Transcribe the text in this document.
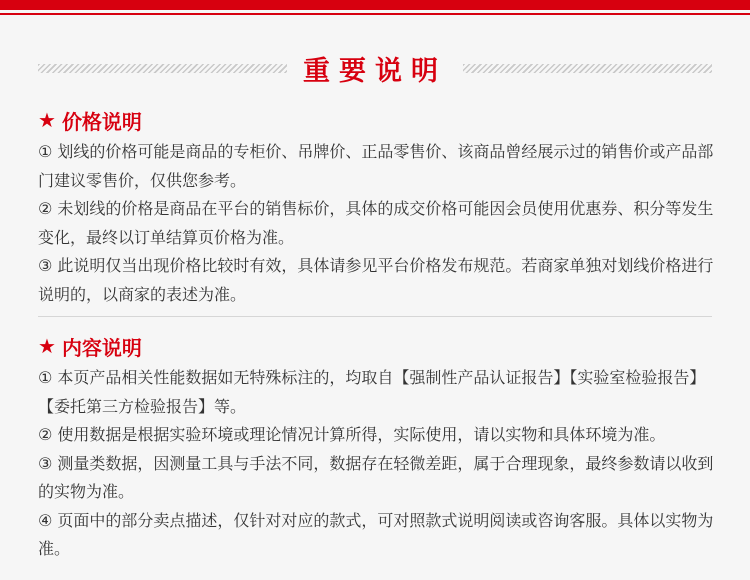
重要说明
★ 价格说明

① 划线的价格可能是商品的专柜价、吊牌价、正品零售价、该商品曾经展示过的销售价或产品部门建议零售价，仅供您参考。

② 未划线的价格是商品在平台的销售标价，具体的成交价格可能因会员使用优惠券、积分等发生变化，最终以订单结算页价格为准。

③ 此说明仅当出现价格比较时有效，具体请参见平台价格发布规范。若商家单独对划线价格进行说明的，以商家的表述为准。

★ 内容说明

① 本页产品相关性能数据如无特殊标注的，均取自【强制性产品认证报告】【实验室检验报告】【委托第三方检验报告】等。

② 使用数据是根据实验环境或理论情况计算所得，实际使用，请以实物和具体环境为准。

③ 测量类数据，因测量工具与手法不同，数据存在轻微差距，属于合理现象，最终参数请以收到的实物为准。

④ 页面中的部分卖点描述，仅针对对应的款式，可对照款式说明阅读或咨询客服。具体以实物为准。
